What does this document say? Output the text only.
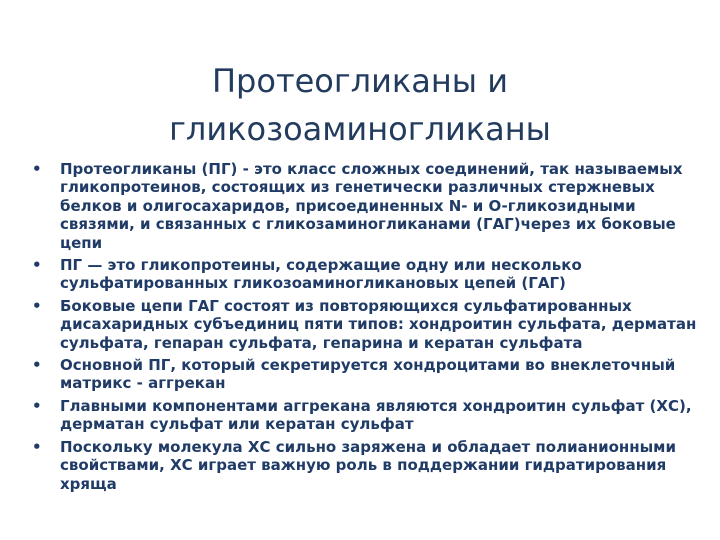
Протеогликаны и
гликозоаминогликаны
• Протеогликаны (ПГ) - это класс сложных соединений, так называемых гликопротеинов, состоящих из генетически различных стержневых белков и олигосахаридов, присоединенных N- и O-гликозидными связями, и связанных с гликозаминогликанами (ГАГ)через их боковые цепи
• ПГ — это гликопротеины, содержащие одну или несколько сульфатированных гликозоаминогликановых цепей (ГАГ)
• Боковые цепи ГАГ состоят из повторяющихся сульфатированных дисахаридных субъединиц пяти типов: хондроитин сульфата, дерматан сульфата, гепаран сульфата, гепарина и кератан сульфата
• Основной ПГ, который секретируется хондроцитами во внеклеточный матрикс - аггрекан
• Главными компонентами аггрекана являются хондроитин сульфат (ХС), дерматан сульфат или кератан сульфат
• Поскольку молекула ХС сильно заряжена и обладает полианионными свойствами, ХС играет важную роль в поддержании гидратирования хряща
